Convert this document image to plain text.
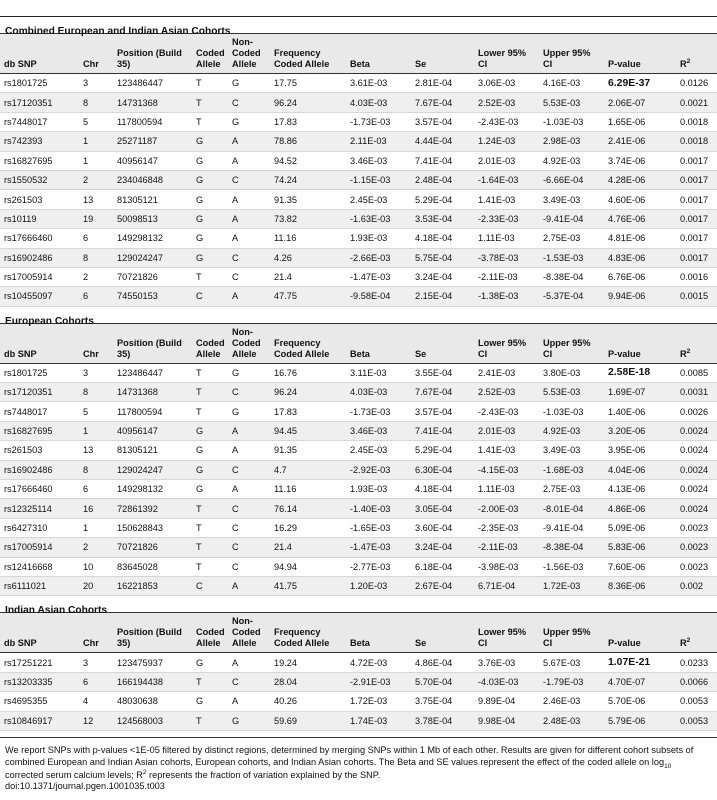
Combined European and Indian Asian Cohorts
db SNP	Chr	Position (Build 35)	Coded Allele	Non-Coded Allele	Frequency Coded Allele	Beta	Se	Lower 95% CI	Upper 95% CI	P-value	$R^2$
rs1801725	3	123486447	T	G	17.75	3.61E-03	2.81E-04	3.06E-03	4.16E-03	6.29E-37	0.0126
rs17120351	8	14731368	T	C	96.24	4.03E-03	7.67E-04	2.52E-03	5.53E-03	2.06E-07	0.0021
rs7448017	5	117800594	T	G	17.83	-1.73E-03	3.57E-04	-2.43E-03	-1.03E-03	1.65E-06	0.0018
rs742393	1	25271187	G	A	78.86	2.11E-03	4.44E-04	1.24E-03	2.98E-03	2.41E-06	0.0018
rs16827695	1	40956147	G	A	94.52	3.46E-03	7.41E-04	2.01E-03	4.92E-03	3.74E-06	0.0017
rs1550532	2	234046848	G	C	74.24	-1.15E-03	2.48E-04	-1.64E-03	-6.66E-04	4.28E-06	0.0017
rs261503	13	81305121	G	A	91.35	2.45E-03	5.29E-04	1.41E-03	3.49E-03	4.60E-06	0.0017
rs10119	19	50098513	G	A	73.82	-1.63E-03	3.53E-04	-2.33E-03	-9.41E-04	4.76E-06	0.0017
rs17666460	6	149298132	G	A	11.16	1.93E-03	4.18E-04	1.11E-03	2.75E-03	4.81E-06	0.0017
rs16902486	8	129024247	G	C	4.26	-2.66E-03	5.75E-04	-3.78E-03	-1.53E-03	4.83E-06	0.0017
rs17005914	2	70721826	T	C	21.4	-1.47E-03	3.24E-04	-2.11E-03	-8.38E-04	6.76E-06	0.0016
rs10455097	6	74550153	C	A	47.75	-9.58E-04	2.15E-04	-1.38E-03	-5.37E-04	9.94E-06	0.0015
European Cohorts
db SNP	Chr	Position (Build 35)	Coded Allele	Non-Coded Allele	Frequency Coded Allele	Beta	Se	Lower 95% CI	Upper 95% CI	P-value	$R^2$
rs1801725	3	123486447	T	G	16.76	3.11E-03	3.55E-04	2.41E-03	3.80E-03	2.58E-18	0.0085
rs17120351	8	14731368	T	C	96.24	4.03E-03	7.67E-04	2.52E-03	5.53E-03	1.69E-07	0.0031
rs7448017	5	117800594	T	G	17.83	-1.73E-03	3.57E-04	-2.43E-03	-1.03E-03	1.40E-06	0.0026
rs16827695	1	40956147	G	A	94.45	3.46E-03	7.41E-04	2.01E-03	4.92E-03	3.20E-06	0.0024
rs261503	13	81305121	G	A	91.35	2.45E-03	5.29E-04	1.41E-03	3.49E-03	3.95E-06	0.0024
rs16902486	8	129024247	G	C	4.7	-2.92E-03	6.30E-04	-4.15E-03	-1.68E-03	4.04E-06	0.0024
rs17666460	6	149298132	G	A	11.16	1.93E-03	4.18E-04	1.11E-03	2.75E-03	4.13E-06	0.0024
rs12325114	16	72861392	T	C	76.14	-1.40E-03	3.05E-04	-2.00E-03	-8.01E-04	4.86E-06	0.0024
rs6427310	1	150628843	T	C	16.29	-1.65E-03	3.60E-04	-2.35E-03	-9.41E-04	5.09E-06	0.0023
rs17005914	2	70721826	T	C	21.4	-1.47E-03	3.24E-04	-2.11E-03	-8.38E-04	5.83E-06	0.0023
rs12416668	10	83645028	T	C	94.94	-2.77E-03	6.18E-04	-3.98E-03	-1.56E-03	7.60E-06	0.0023
rs6111021	20	16221853	C	A	41.75	1.20E-03	2.67E-04	6.71E-04	1.72E-03	8.36E-06	0.002
Indian Asian Cohorts
db SNP	Chr	Position (Build 35)	Coded Allele	Non-Coded Allele	Frequency Coded Allele	Beta	Se	Lower 95% CI	Upper 95% CI	P-value	$R^2$
rs17251221	3	123475937	G	A	19.24	4.72E-03	4.86E-04	3.76E-03	5.67E-03	1.07E-21	0.0233
rs13203335	6	166194438	T	C	28.04	-2.91E-03	5.70E-04	-4.03E-03	-1.79E-03	4.70E-07	0.0066
rs4695355	4	48030638	G	A	40.26	1.72E-03	3.75E-04	9.89E-04	2.46E-03	5.70E-06	0.0053
rs10846917	12	124568003	T	G	59.69	1.74E-03	3.78E-04	9.98E-04	2.48E-03	5.79E-06	0.0053
We report SNPs with p-values <1E-05 filtered by distinct regions, determined by merging SNPs within 1 Mb of each other. Results are given for different cohort subsets of combined European and Indian Asian cohorts, European cohorts, and Indian Asian cohorts. The Beta and SE values represent the effect of the coded allele on $\log_{10}$ corrected serum calcium levels; $R^2$ represents the fraction of variation explained by the SNP.
doi:10.1371/journal.pgen.1001035.t003
